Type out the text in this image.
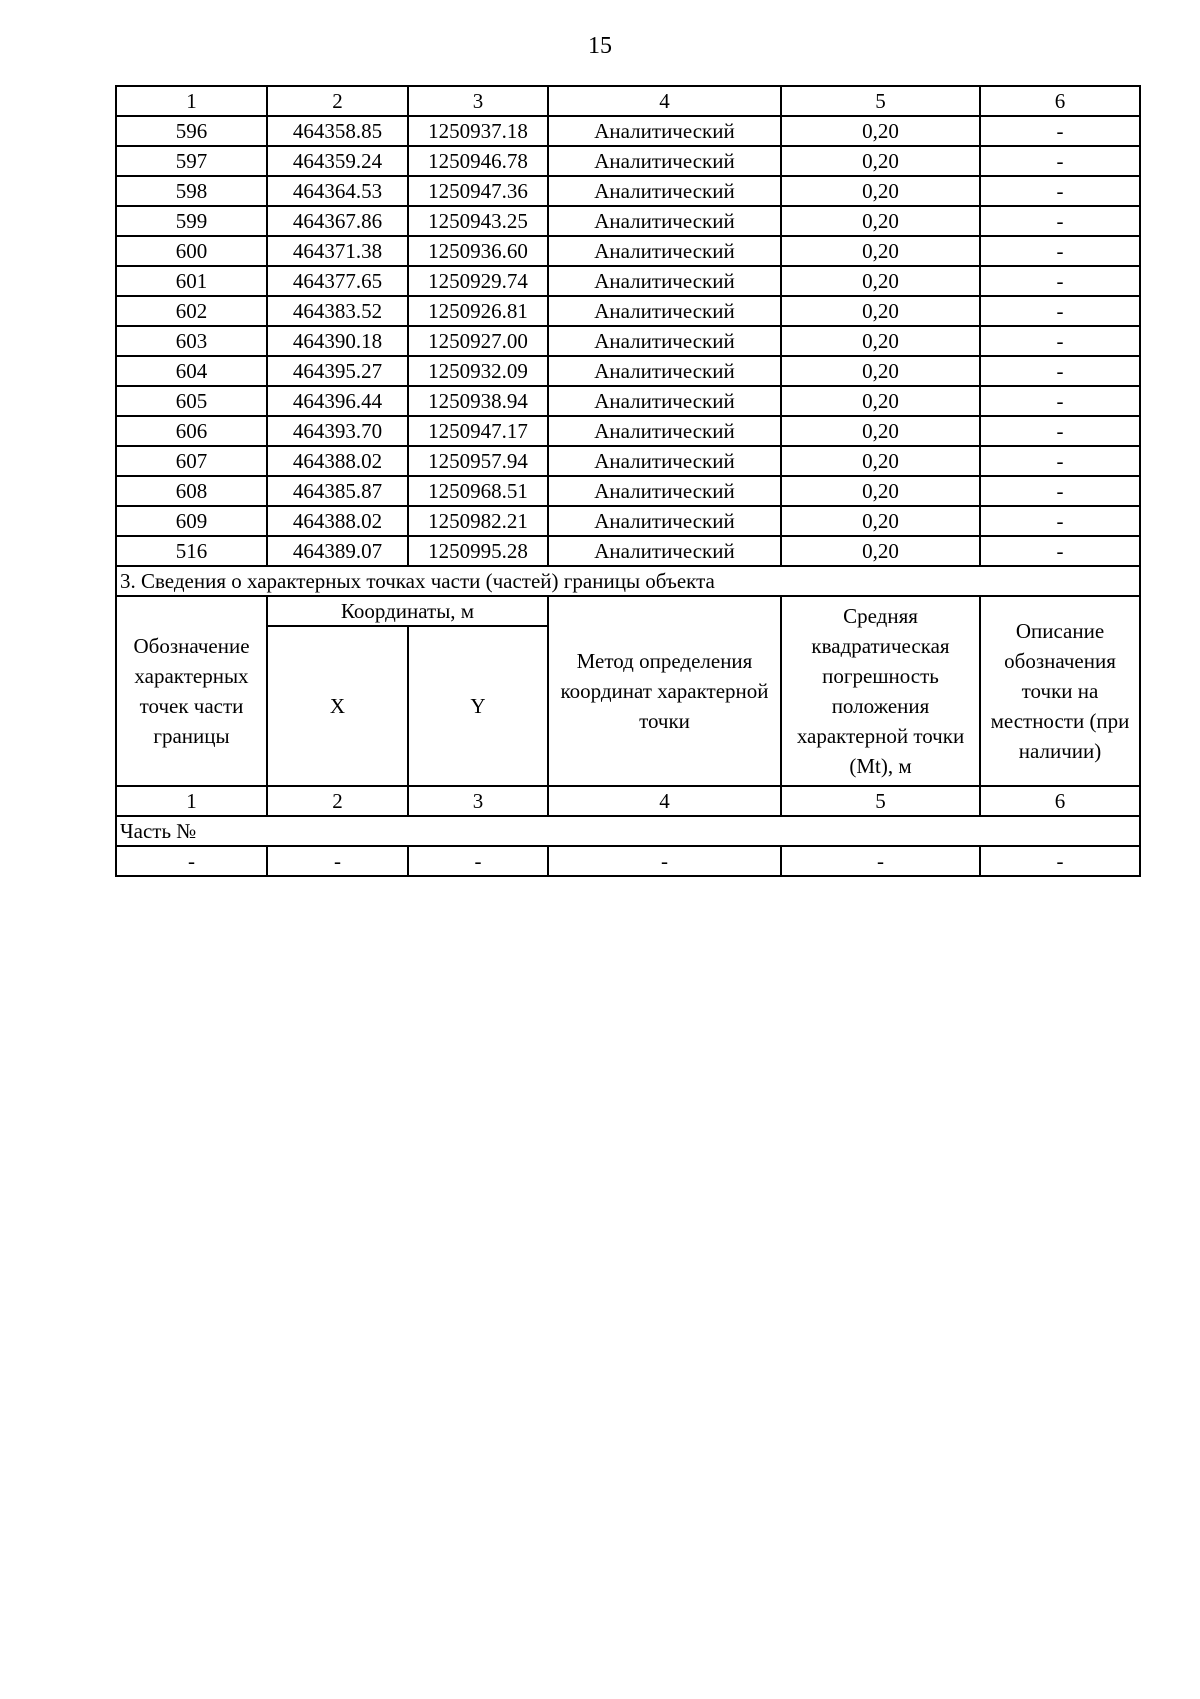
15
1	2	3	4	5	6
596	464358.85	1250937.18	Аналитический	0,20	-
597	464359.24	1250946.78	Аналитический	0,20	-
598	464364.53	1250947.36	Аналитический	0,20	-
599	464367.86	1250943.25	Аналитический	0,20	-
600	464371.38	1250936.60	Аналитический	0,20	-
601	464377.65	1250929.74	Аналитический	0,20	-
602	464383.52	1250926.81	Аналитический	0,20	-
603	464390.18	1250927.00	Аналитический	0,20	-
604	464395.27	1250932.09	Аналитический	0,20	-
605	464396.44	1250938.94	Аналитический	0,20	-
606	464393.70	1250947.17	Аналитический	0,20	-
607	464388.02	1250957.94	Аналитический	0,20	-
608	464385.87	1250968.51	Аналитический	0,20	-
609	464388.02	1250982.21	Аналитический	0,20	-
516	464389.07	1250995.28	Аналитический	0,20	-
3. Сведения о характерных точках части (частей) границы объекта					
Обозначение характерных точек части границы	Координаты, м		Метод определения координат характерной точки	Средняя квадратическая погрешность положения характерной точки (Mt), м	Описание обозначения точки на местности (при наличии)
	X	Y			
1	2	3	4	5	6
Часть №					
-	-	-	-	-	-
